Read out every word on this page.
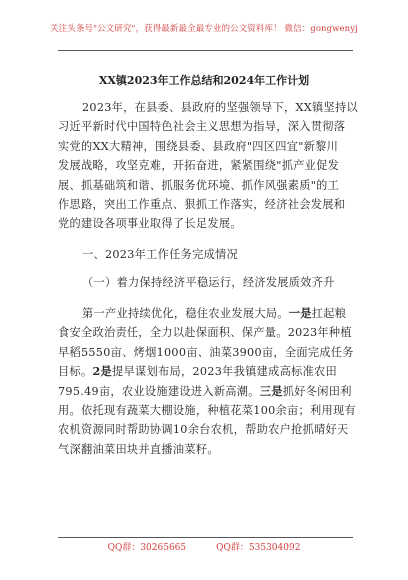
关注头条号"公文研究"，获得最新最全最专业的公文资料库！ 微信：gongwenyj
XX镇2023年工作总结和2024年工作计划
2023年，在县委、县政府的坚强领导下，XX镇坚持以
习近平新时代中国特色社会主义思想为指导，深入贯彻落
实党的XX大精神，围绕县委、县政府"四区四宜"新黎川
发展战略，攻坚克难，开拓奋进，紧紧围绕"抓产业促发
展、抓基础筑和谐、抓服务优环境、抓作风强素质"的工
作思路，突出工作重点、狠抓工作落实，经济社会发展和
党的建设各项事业取得了长足发展。
一、2023年工作任务完成情况
（一）着力保持经济平稳运行，经济发展质效齐升
第一产业持续优化，稳住农业发展大局。一是扛起粮
食安全政治责任，全力以赴保面积、保产量。2023年种植
早稻5550亩、烤烟1000亩、油菜3900亩，全面完成任务
目标。2是提早谋划布局，2023年我镇建成高标准农田
795.49亩，农业设施建设进入新高潮。三是抓好冬闲田利
用。依托现有蔬菜大棚设施，种植花菜100余亩；利用现有
农机资源同时帮助协调10余台农机，帮助农户抢抓晴好天
气深翻油菜田块并直播油菜籽。
QQ群：30265665	QQ群：535304092
